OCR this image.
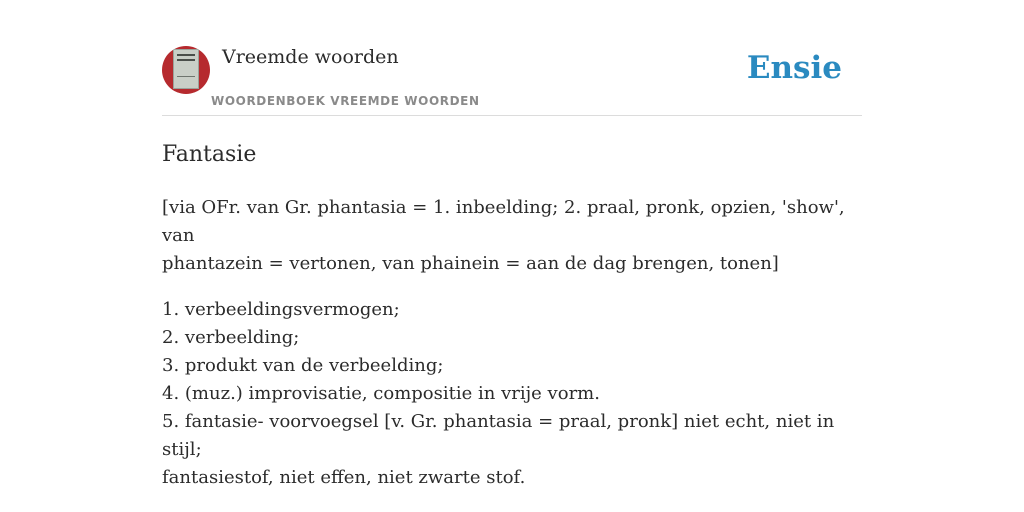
Vreemde woorden
WOORDENBOEK VREEMDE WOORDEN
Ensie
Fantasie

[via OFr. van Gr. phantasia = 1. inbeelding; 2. praal, pronk, opzien, 'show', van
phantazein = vertonen, van phainein = aan de dag brengen, tonen]

1. verbeeldingsvermogen;
2. verbeelding;
3. produkt van de verbeelding;
4. (muz.) improvisatie, compositie in vrije vorm.
5. fantasie- voorvoegsel [v. Gr. phantasia = praal, pronk] niet echt, niet in stijl;
fantasiestof, niet effen, niet zwarte stof.
